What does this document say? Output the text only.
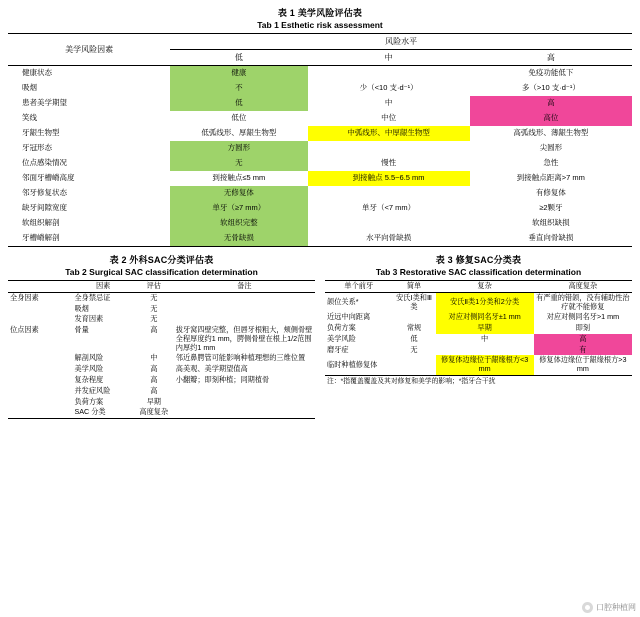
表 1 美学风险评估表
Tab 1 Esthetic risk assessment
美学风险因素	风险水平		
	低	中	高
健康状态	健康		免疫功能低下
吸烟	不	少（<10 支·d⁻¹）	多（>10 支·d⁻¹）
患者美学期望	低	中	高
笑线	低位	中位	高位
牙龈生物型	低弧线形、厚龈生物型	中弧线形、中厚龈生物型	高弧线形、薄龈生物型
牙冠形态	方圆形		尖圆形
位点感染情况	无	慢性	急性
邻面牙槽嵴高度	到接触点≤5 mm	到接触点 5.5~6.5 mm	到接触点距离>7 mm
邻牙修复状态	无修复体		有修复体
缺牙间隙宽度	单牙（≥7 mm）	单牙（<7 mm）	≥2颗牙
软组织解剖	软组织完整		软组织缺损
牙槽嵴解剖	无骨缺损	水平向骨缺损	垂直向骨缺损
表 2 外科SAC分类评估表
Tab 2 Surgical SAC classification determination
	因素	评估	备注
全身因素	全身禁忌证	无	
	吸烟	无	
	发育因素	无	
位点因素	骨量	高	拔牙窝四壁完整，但唇牙根粗大，颊侧骨壁全程厚度约1 mm，腭侧骨壁在根上1/2范围内厚约1 mm
	解剖风险	中	邻近鼻腭管可能影响种植理想的三维位置
	美学风险	高	高美观、美学期望值高
	复杂程度	高	小翻瓣；即刻种植；同期植骨
	并发症风险	高	
	负荷方案	早期	
	SAC 分类	高度复杂	
表 3 修复SAC分类表
Tab 3 Restorative SAC classification determination
单个前牙	简单	复杂	高度复杂
颌位关系*	安氏Ⅰ类和Ⅲ类	安氏Ⅱ类1分类和2分类	有严重的错颌，没有辅助性治疗就不能修复
近远中向距离		对应对侧同名牙±1 mm	对应对侧同名牙>1 mm
负荷方案	常规	早期	即刻
美学风险	低	中	高
磨牙症	无		有
临时种植修复体		修复体边缘位于龈缘根方<3 mm	修复体边缘位于龈缘根方>3 mm
注：*指覆盖覆盖及其对修复和美学的影响；*指牙合干扰
口腔种植网
